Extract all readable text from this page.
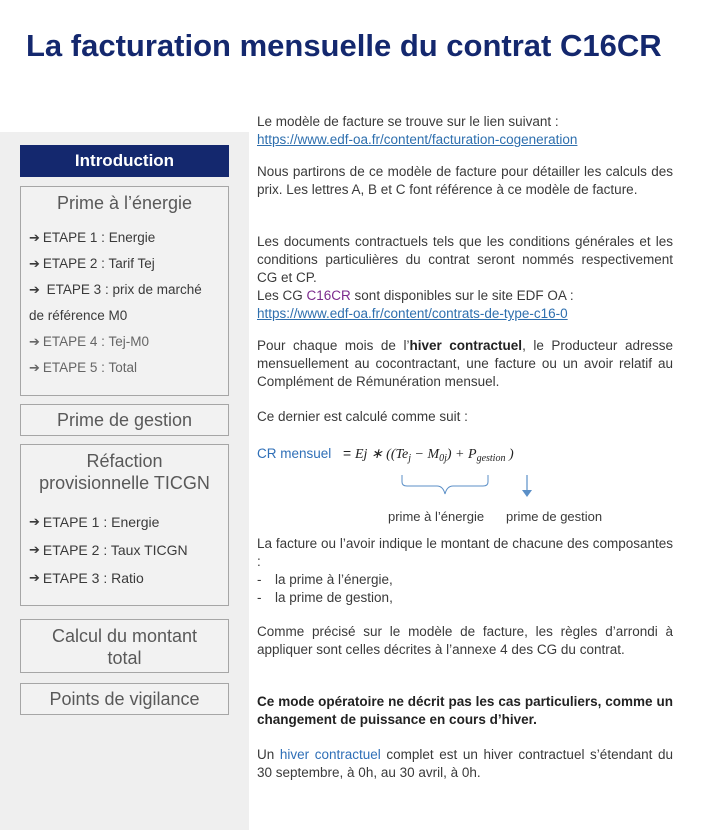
La facturation mensuelle du contrat C16CR
Introduction
Prime à l’énergie
➔ ETAPE 1 : Energie
➔ ETAPE 2 : Tarif Tej
➔ ETAPE 3 : prix de marché de référence M0
➔ ETAPE 4 : Tej-M0
➔ ETAPE 5 : Total
Prime de gestion
Réfaction provisionnelle TICGN
➔ ETAPE 1 : Energie
➔ ETAPE 2 : Taux TICGN
➔ ETAPE 3 : Ratio
Calcul du montant total
Points de vigilance
Le modèle de facture se trouve sur le lien suivant :
https://www.edf-oa.fr/content/facturation-cogeneration
Nous partirons de ce modèle de facture pour détailler les calculs des prix. Les lettres A, B et C font référence à ce modèle de facture.
Les documents contractuels tels que les conditions générales et les conditions particulières du contrat seront nommés respectivement CG et CP.
Les CG C16CR sont disponibles sur le site EDF OA :
https://www.edf-oa.fr/content/contrats-de-type-c16-0
Pour chaque mois de l’hiver contractuel, le Producteur adresse mensuellement au cocontractant, une facture ou un avoir relatif au Complément de Rémunération mensuel.
Ce dernier est calculé comme suit :
CR mensuel = Ej ∗ ($(Te_j - M_{0j}) + P_{gestion}$ )
prime à l’énergie prime de gestion
La facture ou l’avoir indique le montant de chacune des composantes :
- la prime à l’énergie,
- la prime de gestion,
Comme précisé sur le modèle de facture, les règles d’arrondi à appliquer sont celles décrites à l’annexe 4 des CG du contrat.
Ce mode opératoire ne décrit pas les cas particuliers, comme un changement de puissance en cours d’hiver.
Un hiver contractuel complet est un hiver contractuel s’étendant du 30 septembre, à 0h, au 30 avril, à 0h.
